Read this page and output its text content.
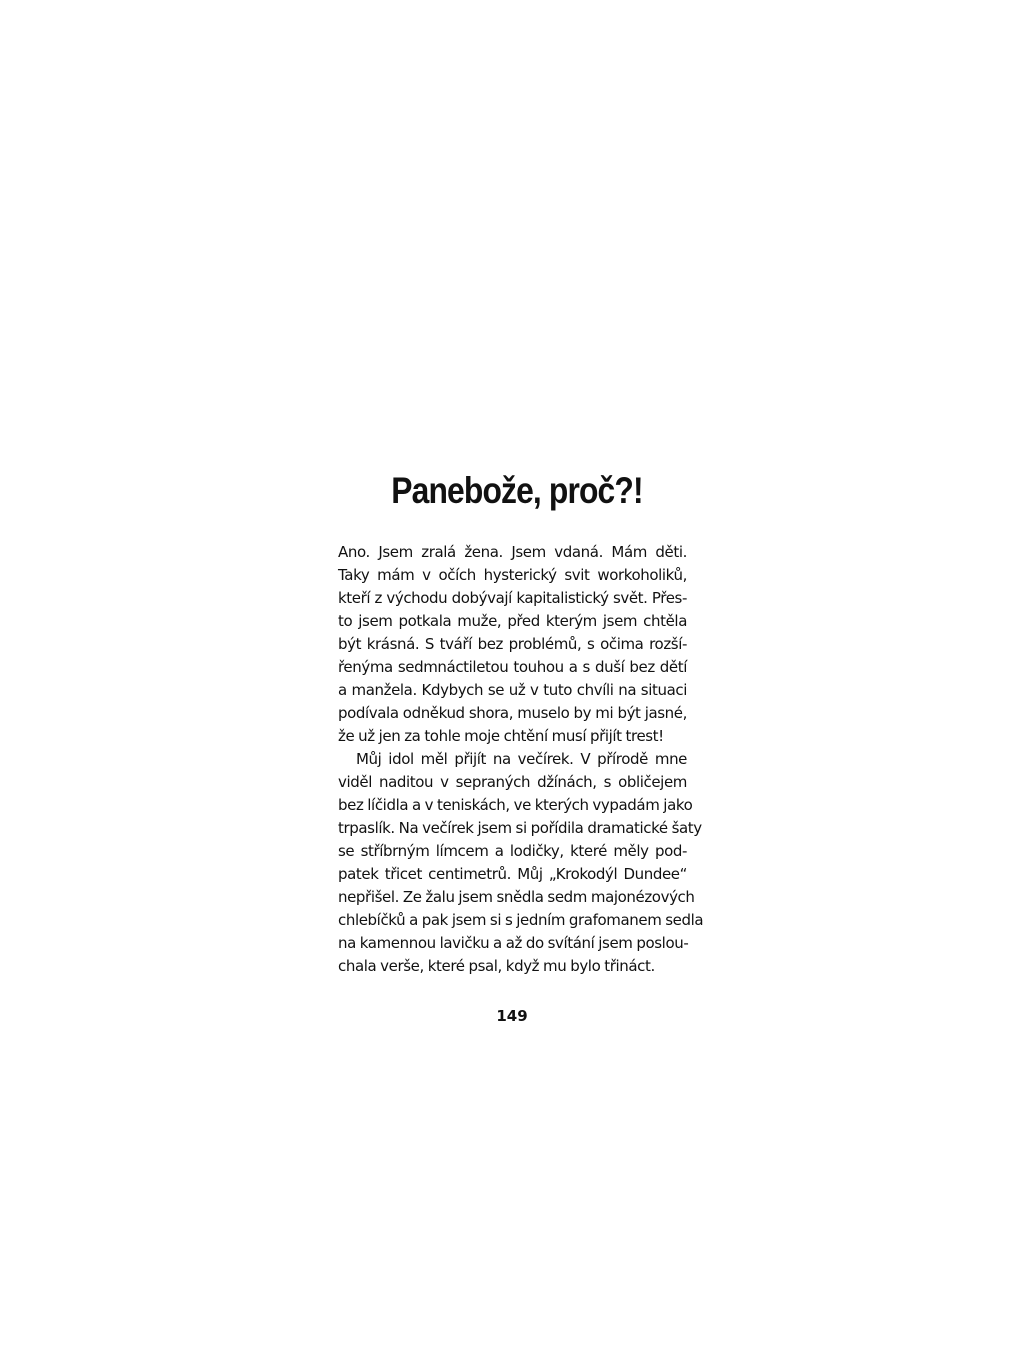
Panebože, proč?!
Ano. Jsem zralá žena. Jsem vdaná. Mám děti.
Taky mám v očích hysterický svit workoholiků,
kteří z východu dobývají kapitalistický svět. Přes-
to jsem potkala muže, před kterým jsem chtěla
být krásná. S tváří bez problémů, s očima rozší-
řenýma sedmnáctiletou touhou a s duší bez dětí
a manžela. Kdybych se už v tuto chvíli na situaci
podívala odněkud shora, muselo by mi být jasné,
že už jen za tohle moje chtění musí přijít trest!
Můj idol měl přijít na večírek. V přírodě mne
viděl naditou v sepraných džínách, s obličejem
bez líčidla a v teniskách, ve kterých vypadám jako
trpaslík. Na večírek jsem si pořídila dramatické šaty
se stříbrným límcem a lodičky, které měly pod-
patek třicet centimetrů. Můj „Krokodýl Dundee“
nepřišel. Ze žalu jsem snědla sedm majonézových
chlebíčků a pak jsem si s jedním grafomanem sedla
na kamennou lavičku a až do svítání jsem poslou-
chala verše, které psal, když mu bylo třináct.
149
